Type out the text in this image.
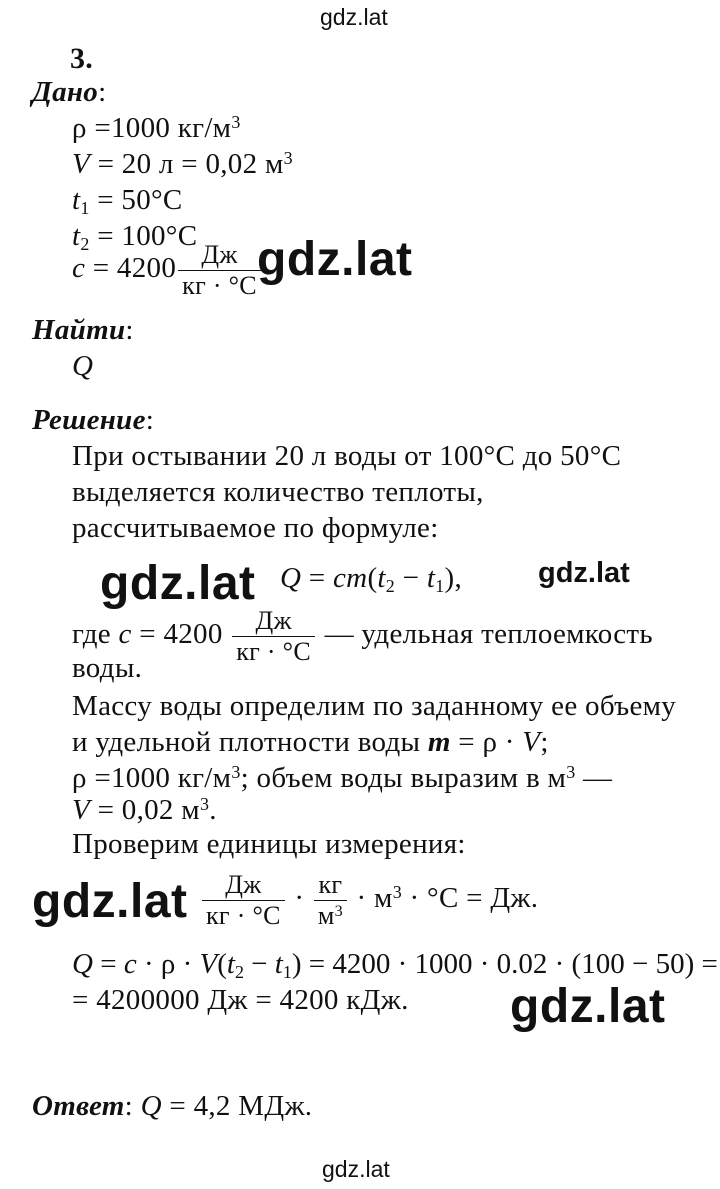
gdz.lat
gdz.lat
gdz.lat	gdz.lat
gdz.lat
gdz.lat
gdz.lat
3.
Дано:
ρ =1000 $кг/м^3$
V = 20 л = 0,02 $м^3$
$t_1 = 50^\circ C$
$t_2 = 100^\circ C$
$c = 4200 \frac{Дж}{кг \cdot ^\circ C}$
Найти:
Q
Решение:
При остывании 20 л воды от 100°C до 50°C
выделяется количество теплоты,
рассчитываемое по формуле:
$Q = cm(t_2 - t_1)$,
где $c = 4200 \frac{Дж}{кг \cdot ^\circ C}$ — удельная теплоемкость
воды.
Массу воды определим по заданному ее объему
и удельной плотности воды m = ρ · V;
ρ =1000 $кг/м^3$; объем воды выразим в $м^3$ —
V = 0,02 $м^3$.
Проверим единицы измерения:
$\frac{Дж}{кг \cdot ^\circ C} \cdot \frac{кг}{м^3} \cdot м^3 \cdot ^\circ C$ = Дж.
$Q = c \cdot \rho \cdot V(t_2 - t_1) = 4200 \cdot 1000 \cdot 0.02 \cdot (100 - 50)$ =
= 4200000 Дж = 4200 кДж.
Ответ: Q = 4,2 МДж.
